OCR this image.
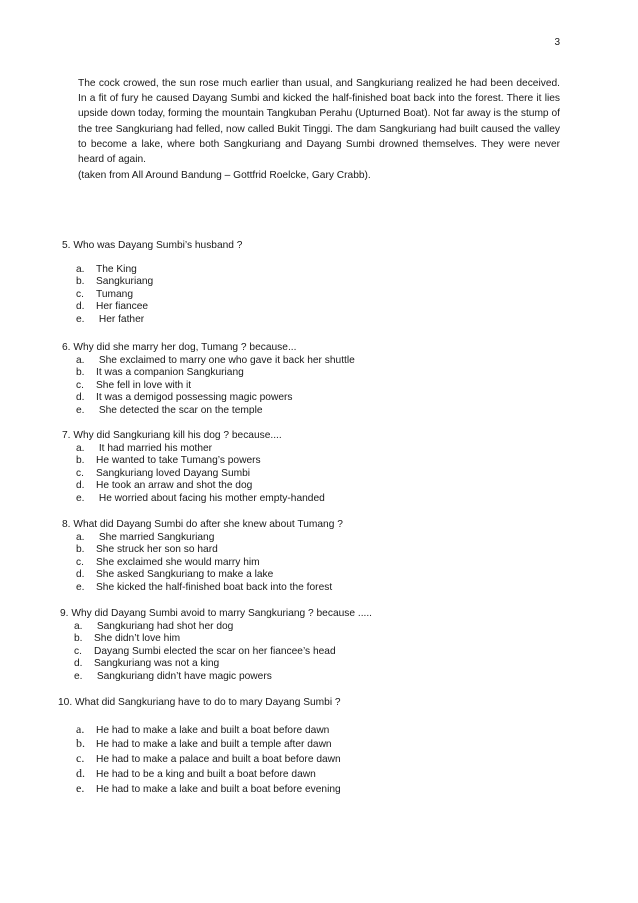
3

The cock crowed, the sun rose much earlier than usual, and Sangkuriang realized he had been deceived. In a fit of fury he caused Dayang Sumbi and kicked the half-finished boat back into the forest. There it lies upside down today, forming the mountain Tangkuban Perahu (Upturned Boat). Not far away is the stump of the tree Sangkuriang had felled, now called Bukit Tinggi. The dam Sangkuriang had built caused the valley to become a lake, where both Sangkuriang and Dayang Sumbi drowned themselves. They were never heard of again.

(taken from All Around Bandung – Gottfrid Roelcke, Gary Crabb).
5. Who was Dayang Sumbi’s husband ?
a. The King
b. Sangkuriang
c. Tumang
d. Her fiancee
e. Her father
6. Why did she marry her dog, Tumang ? because...
a. She exclaimed to marry one who gave it back her shuttle
b. It was a companion Sangkuriang
c. She fell in love with it
d. It was a demigod possessing magic powers
e. She detected the scar on the temple
7. Why did Sangkuriang kill his dog ? because....
a. It had married his mother
b. He wanted to take Tumang’s powers
c. Sangkuriang loved Dayang Sumbi
d. He took an arraw and shot the dog
e. He worried about facing his mother empty-handed
8. What did Dayang Sumbi do after she knew about Tumang ?
a. She married Sangkuriang
b. She struck her son so hard
c. She exclaimed she would marry him
d. She asked Sangkuriang to make a lake
e. She kicked the half-finished boat back into the forest
9. Why did Dayang Sumbi avoid to marry Sangkuriang ? because .....
a. Sangkuriang had shot her dog
b. She didn’t love him
c. Dayang Sumbi elected the scar on her fiancee’s head
d. Sangkuriang was not a king
e. Sangkuriang didn’t have magic powers
10. What did Sangkuriang have to do to mary Dayang Sumbi ?
a. He had to make a lake and built a boat before dawn
b. He had to make a lake and built a temple after dawn
c. He had to make a palace and built a boat before dawn
d. He had to be a king and built a boat before dawn
e. He had to make a lake and built a boat before evening
